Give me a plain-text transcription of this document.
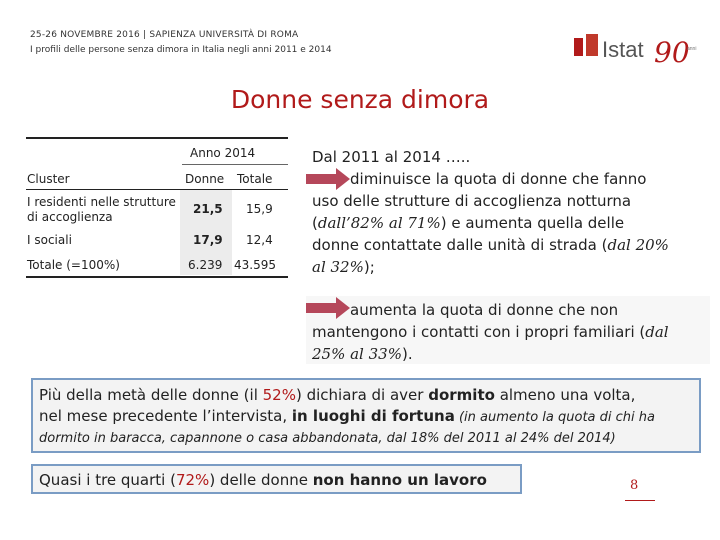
25-26 NOVEMBRE 2016 | SAPIENZA UNIVERSITÀ DI ROMA
I profili delle persone senza dimora in Italia negli anni 2011 e 2014	Istat 90
anni
Donne senza dimora
Anno 2014
Cluster	Donne Totale
I residenti nelle strutture
di accoglienza
21,5 15,9
I sociali	17,9 12,4
Totale (=100%)	6.239 43.595
Dal 2011 al 2014 …..
diminuisce la quota di donne che fanno
uso delle strutture di accoglienza notturna
(dall’82% al 71%) e aumenta quella delle
donne contattate dalle unità di strada (dal 20%
al 32%);
aumenta la quota di donne che non
mantengono i contatti con i propri familiari (dal
25% al 33%).
Più della metà delle donne (il 52%) dichiara di aver dormito almeno una volta,
nel mese precedente l’intervista, in luoghi di fortuna (in aumento la quota di chi ha
dormito in baracca, capannone o casa abbandonata, dal 18% del 2011 al 24% del 2014)
Quasi i tre quarti (72%) delle donne non hanno un lavoro	8
